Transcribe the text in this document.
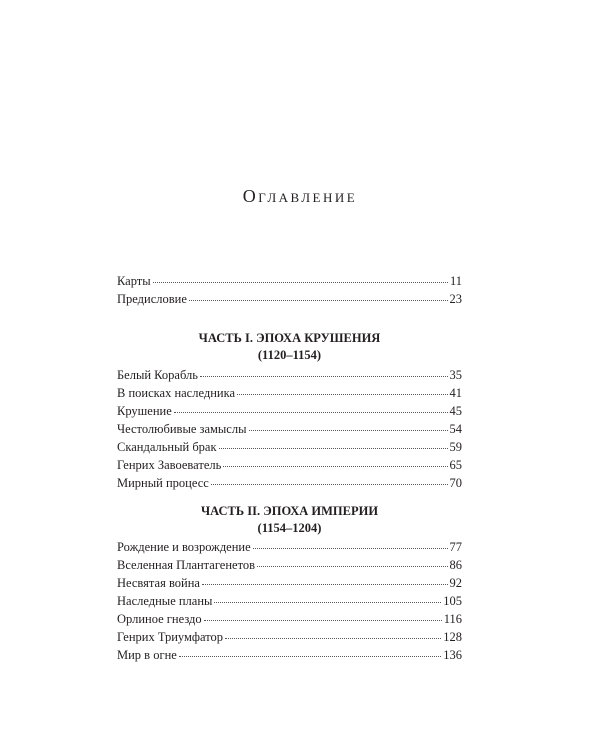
Оглавление
Карты	11
Предисловие	23
ЧАСТЬ I. ЭПОХА КРУШЕНИЯ
(1120–1154)
Белый Корабль	35
В поисках наследника	41
Крушение	45
Честолюбивые замыслы	54
Скандальный брак	59
Генрих Завоеватель	65
Мирный процесс	70
ЧАСТЬ II. ЭПОХА ИМПЕРИИ
(1154–1204)
Рождение и возрождение	77
Вселенная Плантагенетов	86
Несвятая война	92
Наследные планы	105
Орлиное гнездо	116
Генрих Триумфатор	128
Мир в огне	136
